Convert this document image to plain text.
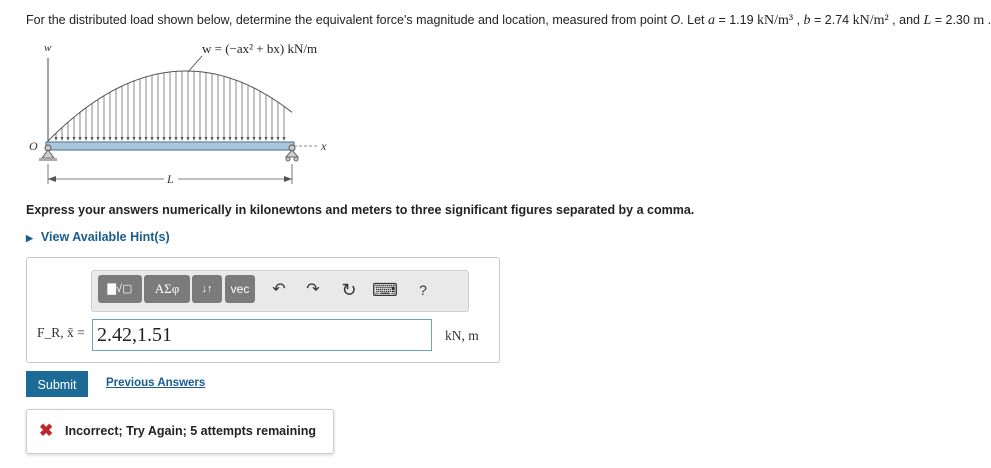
For the distributed load shown below, determine the equivalent force's magnitude and location, measured from point O. Let a = 1.19 kN/m³ , b = 2.74 kN/m² , and L = 2.30 m .
w	w = (−ax² + bx) kN/m
x
O
L
Express your answers numerically in kilonewtons and meters to three significant figures separated by a comma.
▶ View Available Hint(s)
▇√▢	ΑΣφ	↓↑	vec	↶	↷	↻ ⌨	?
F_R, x̄ = 2.42,1.51	kN, m
Submit	Previous Answers
✖ Incorrect; Try Again; 5 attempts remaining
